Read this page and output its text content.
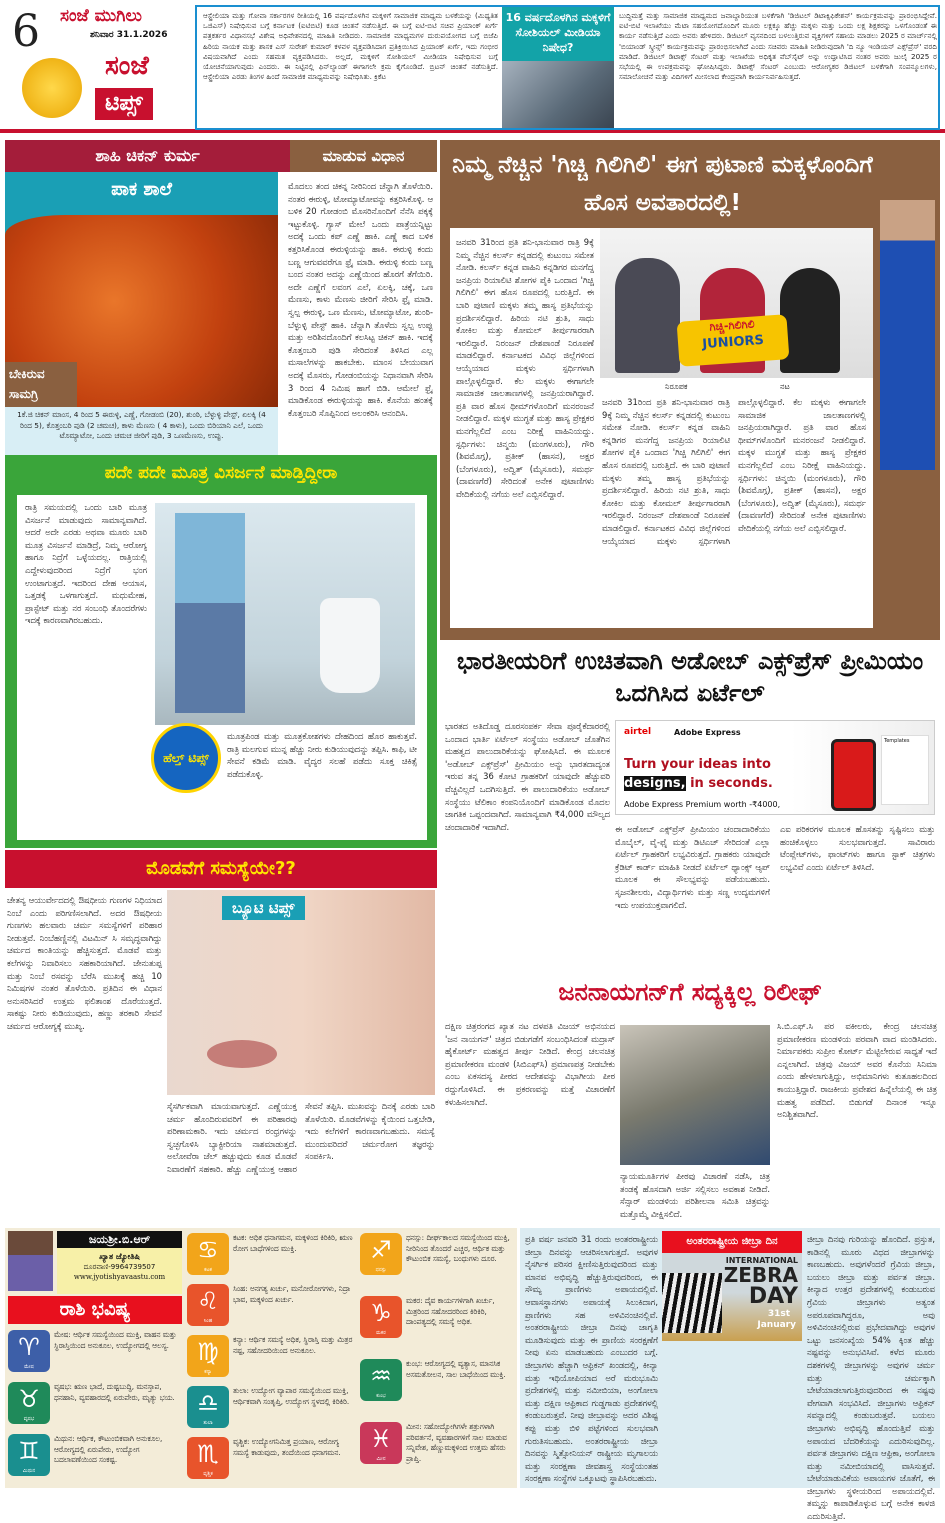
6 ಸಂಜೆ ಮುಗಿಲು
ಶನಿವಾರ 31.1.2026
ಸಂಜೆ
ಟಿಪ್ಸ್
ಆಸ್ಟ್ರೇಲಿಯಾ ಮತ್ತು ಗೋವಾ ಸರ್ಕಾರಗಳ ರೀತಿಯಲ್ಲಿ 16 ವರ್ಷದೊಳಗಿನ ಮಕ್ಕಳಿಗೆ ಸಾಮಾಜಿಕ ಮಾಧ್ಯಮ ಬಳಕೆಯನ್ನು (ಮಿಥ್ಯತಿತ ಒಜಿಎಸ್) ನಿಷೇಧಿಸುವ ಬಗ್ಗೆ ಕರ್ನಾಟಕ (ಐಟಿಬಿಟಿ) ಕೂಡ ಚಿಂತನೆ ನಡೆಸುತ್ತಿದೆ. ಈ ಬಗ್ಗೆ ಐಟಿ-ಬಿಟಿ ಸಚಿವ ಪ್ರಿಯಾಂಕ್ ಖರ್ಗೆ ಪತ್ರಕರ್ತರ ವಿಧಾನಸಭೆ ವಿಶೇಷ ಅಧಿವೇಶನದಲ್ಲಿ ಮಾಹಿತಿ ನೀಡಿದರು. ಸಾಮಾಜಿಕ ಮಾಧ್ಯಮಗಳ ದುರುಪಯೋಗದ ಬಗ್ಗೆ ಬಿಜೆಪಿ ಹಿರಿಯ ನಾಯಕ ಮತ್ತು ಶಾಸಕ ಎಸ್ ಸುರೇಶ್ ಕುಮಾರ್ ಕಳವಳ ವ್ಯಕ್ತಪಡಿಸಿದಾಗ ಪ್ರತಿಕ್ರಿಯಿಸಿದ ಪ್ರಿಯಾಂಕ್ ಖರ್ಗೆ, ಇದು ಗಂಭೀರ ವಿಷಯವಾಗಿದೆ ಎಂದು ಸಹಮತ ವ್ಯಕ್ತಪಡಿಸಿದರು. ಅಲ್ಲದೆ, ಮಕ್ಕಳಿಗೆ ಸೋಶಿಯಲ್ ಮೀಡಿಯಾ ನಿಷೇಧಿಸುವ ಬಗ್ಗೆ ಯೋಚನೆಯಾಗುವುದು ಎಂದರು. ಈ ನಿಟ್ಟಿನಲ್ಲಿ ಫಿನ್‌ಲ್ಯಾಂಡ್ ಈಗಾಗಲೇ ಕ್ರಮ ಕೈಗೊಂಡಿದೆ. ಬ್ರಿಟನ್ ಚಿಂತನೆ ನಡೆಸುತ್ತಿದೆ. ಆಸ್ಟ್ರೇಲಿಯಾ ಎರಡು ತಿಂಗಳ ಹಿಂದೆ ಸಾಮಾಜಿಕ ಮಾಧ್ಯಮವನ್ನು ನಿಷೇಧಿಸಿತು. ಕ್ರಿಕೆಟ
16 ವರ್ಷದೊಳಗಿನ ಮಕ್ಕಳಿಗೆ ಸೋಶಿಯಲ್ ಮೀಡಿಯಾ ನಿಷೇಧ?
ಬುದ್ಧಿಮತ್ತೆ ಮತ್ತು ಸಾಮಾಜಿಕ ಮಾಧ್ಯಮದ ಜವಾಬ್ದಾರಿಯುತ ಬಳಕೆಗಾಗಿ 'ಡಿಜಿಟಲ್ ಡಿಟಾಕ್ಸಿಫಿಕೇಶನ್' ಕಾರ್ಯಕ್ರಮವನ್ನು ಪ್ರಾರಂಭಿಸಿದ್ದೇವೆ. ಐಟಿ-ಬಿಟಿ ಇಲಾಖೆಯು ಮೆಟಾ ಸಹಯೋಗದೊಂದಿಗೆ ಮೂರು ಲಕ್ಷಕ್ಕೂ ಹೆಚ್ಚು ಮಕ್ಕಳು ಮತ್ತು ಒಂದು ಲಕ್ಷ ಶಿಕ್ಷಕರನ್ನು ಒಳಗೊಂಡಂತೆ ಈ ಕಾರ್ಯ ನಡೆಸುತ್ತಿದೆ ಎಂದು ಅವರು ಹೇಳಿದರು. ಡಿಜಿಟಲ್ ವ್ಯಸನದಿಂದ ಬಳಲುತ್ತಿರುವ ವ್ಯಕ್ತಿಗಳಿಗೆ ಸಹಾಯ ಮಾಡಲು 2025 ರ ಮಾರ್ಚ್‌ನಲ್ಲಿ 'ಬಿಯಾಂಡ್ ಸ್ಕ್ರೀನ್ಸ್' ಕಾರ್ಯಕ್ರಮವನ್ನು ಪ್ರಾರಂಭಿಸಲಾಗಿದೆ ಎಂದು ಸಚಿವರು ಮಾಹಿತಿ ನೀಡಿರುವುದಾಗಿ 'ದಿ ನ್ಯೂ ಇಂಡಿಯನ್ ಎಕ್ಸ್‌ಪ್ರೆಸ್' ವರದಿ ಮಾಡಿದೆ. ಡಿಜಿಟಲ್ ಡಿಟಾಕ್ಸ್ ಸೆಂಟರ್ ಮತ್ತು ಇಲಾಖೆಯ ಅಧಿಕೃತ ವೆಬ್‌ಸೈಟ್ ಅನ್ನು ಉದ್ಘಾಟಿಸಿದ ನಂತರ ಅವರು ಜುಲೈ 2025 ರ ಸಭೆಯಲ್ಲಿ ಈ ಉಪಕ್ರಮವನ್ನು ಘೋಷಿಸಿದ್ದರು. ಡಿಟಾಕ್ಸ್ ಸೆಂಟರ್ ಎಂಬುದು ಆರೋಗ್ಯಕರ ಡಿಜಿಟಲ್ ಬಳಕೆಗಾಗಿ ಸಂಪನ್ಮೂಲಗಳು, ಸಮಾಲೋಚನೆ ಮತ್ತು ವಿದಿಗಳಿಗೆ ಮೀಸಲಾದ ಕೇಂದ್ರವಾಗಿ ಕಾರ್ಯನಿರ್ವಹಿಸುತ್ತದೆ.
ಶಾಹಿ ಚಿಕನ್ ಕುರ್ಮ	ಮಾಡುವ ವಿಧಾನ
ಪಾಕ ಶಾಲೆ
ಬೇಕಿರುವ ಸಾಮಗ್ರಿ
1ಕೆ.ಜಿ ಚಿಕನ್ ಮಾಂಸ, 4 ರಿಂದ 5 ಈರುಳ್ಳಿ, ಎಣ್ಣೆ, ಗೋಡಂಬಿ (20), ಶುಂಠಿ, ಬೆಳ್ಳುಳ್ಳಿ ಪೇಸ್ಟ್, ಏಲಕ್ಕಿ (4 ರಿಂದ 5), ಕೊತ್ತಂಬರಿ ಪುಡಿ (2 ಚಮಚ), ಕಾಳು ಮೆಣಸು ( 4 ಕಾಳು), ಒಂದು ಬಿರಿಯಾನಿ ಎಲೆ, ಒಂದು ಟೊಮ್ಯಾಟೋ, ಒಂದು ಚಮಚ ಜೀರಿಗೆ ಪುಡಿ, 3 ಒಣಮೆಣಸು, ಉಪ್ಪು.
ಮೊದಲು ತಂದ ಚಿಕನ್ನ ನೀರಿನಿಂದ ಚೆನ್ನಾಗಿ ತೊಳೆಯಿರಿ. ನಂತರ ಈರುಳ್ಳಿ, ಟೋಮ್ಯಾಟೋವನ್ನು ಕತ್ತರಿಸಿಕೊಳ್ಳಿ. ಆ ಬಳಿಕ 20 ಗೋಡಂಬಿ ಮೊಸರಿನೊಂದಿಗೆ ನೆನೆಸಿ ಪಕ್ಕಕ್ಕೆ ಇಟ್ಟುಕೊಳ್ಳಿ. ಗ್ಯಾಸ್ ಮೇಲೆ ಒಂದು ಪಾತ್ರೆಯನ್ನಿಟ್ಟು ಅದಕ್ಕೆ ಒಂದು ಕಪ್ ಎಣ್ಣೆ ಹಾಕಿ. ಎಣ್ಣೆ ಕಾದ ಬಳಿಕ ಕತ್ತರಿಸಿಕೊಂಡ ಈರುಳ್ಳಿಯನ್ನು ಹಾಕಿ. ಈರುಳ್ಳಿ ಕಂದು ಬಣ್ಣ ಆಗುವವರೆಗೂ ಫ್ರೈ ಮಾಡಿ. ಈರುಳ್ಳಿ ಕಂದು ಬಣ್ಣ ಬಂದ ನಂತರ ಅದನ್ನು ಎಣ್ಣೆಯಿಂದ ಹೊರಗೆ ತೆಗೆಯಿರಿ. ಅದೇ ಎಣ್ಣೆಗೆ ಲವಂಗ ಎಲೆ, ಏಲಕ್ಕಿ, ಚಕ್ಕೆ, ಒಣ ಮೆಣಸು, ಕಾಳು ಮೆಣಸು ಜೀರಿಗೆ ಸೇರಿಸಿ ಫ್ರೈ ಮಾಡಿ. ಸ್ವಲ್ಪ ಈರುಳ್ಳಿ, ಒಣ ಮೆಣಸು, ಟೋಮ್ಯಾಟೋ, ಶುಂಠಿ-ಬೆಳ್ಳುಳ್ಳಿ ಪೇಸ್ಟ್ ಹಾಕಿ. ಚೆನ್ನಾಗಿ ತೊಳೆದು ಸ್ವಲ್ಪ ಉಪ್ಪು ಮತ್ತು ಅರಿಶಿನದೊಂದಿಗೆ ಕಲಸಿಟ್ಟ ಚಿಕನ್ ಹಾಕಿ. ಇದಕ್ಕೆ ಕೊತ್ತಂಬರಿ ಪುಡಿ ಸೇರಿದಂತೆ ತಿಳಿಸಿದ ಎಲ್ಲ ಮಸಾಲೆಗಳನ್ನು ಹಾಕಬೇಕು. ಮಾಂಸ ಬೇಯುವಾಗ ಅದಕ್ಕೆ ಮೊಸರು, ಗೋಡಂಬಿಯನ್ನು ನಿಧಾನವಾಗಿ ಸೇರಿಸಿ 3 ರಿಂದ 4 ನಿಮಿಷ ಹಾಗೆ ಬಿಡಿ. ಆಮೇಲೆ ಫ್ರೈ ಮಾಡಿಕೊಂಡ ಈರುಳ್ಳಿಯನ್ನು ಹಾಕಿ. ಕೊನೆಯ ಹಂತಕ್ಕೆ ಕೊತ್ತಂಬರಿ ಸೊಪ್ಪಿನಿಂದ ಅಲಂಕರಿಸಿ ಆನಂದಿಸಿ.
ಪದೇ ಪದೇ ಮೂತ್ರ ವಿಸರ್ಜನೆ ಮಾಡ್ತಿದ್ದೀರಾ
ರಾತ್ರಿ ಸಮಯದಲ್ಲಿ ಒಂದು ಬಾರಿ ಮೂತ್ರ ವಿಸರ್ಜನೆ ಮಾಡುವುದು ಸಾಮಾನ್ಯವಾಗಿದೆ. ಆದರೆ ಅದೇ ಎರಡು ಅಥವಾ ಮೂರು ಬಾರಿ ಮೂತ್ರ ವಿಸರ್ಜನೆ ಮಾಡಿದ್ರೆ, ನಿಮ್ಮ ಆರೋಗ್ಯ ಹಾಗೂ ನಿದ್ರೆಗೆ ಒಳ್ಳೆಯದಲ್ಲ. ರಾತ್ರಿಯಲ್ಲಿ ಎದ್ದೇಳುವುದರಿಂದ ನಿದ್ರೆಗೆ ಭಂಗ ಉಂಟಾಗುತ್ತದೆ. ಇದರಿಂದ ದೇಹ ಆಯಾಸ, ಒತ್ತಡಕ್ಕೆ ಒಳಗಾಗುತ್ತದೆ. ಮಧುಮೇಹ, ಪ್ರಾಸ್ಟೇಟ್ ಮತ್ತು ನರ ಸಂಬಂಧಿ ತೊಂದರೆಗಳು ಇದಕ್ಕೆ ಕಾರಣವಾಗಿರಬಹುದು.
ಹೆಲ್ತ್ ಟಿಪ್ಸ್
ಮೂತ್ರಪಿಂಡ ಮತ್ತು ಮೂತ್ರಕೋಶಗಳು ದೇಹದಿಂದ ಹೊರ ಹಾಕುತ್ತವೆ. ರಾತ್ರಿ ಮಲಗುವ ಮುನ್ನ ಹೆಚ್ಚು ನೀರು ಕುಡಿಯುವುದನ್ನು ತಪ್ಪಿಸಿ. ಕಾಫಿ, ಟೀ ಸೇವನೆ ಕಡಿಮೆ ಮಾಡಿ. ವೈದ್ಯರ ಸಲಹೆ ಪಡೆದು ಸೂಕ್ತ ಚಿಕಿತ್ಸೆ ಪಡೆದುಕೊಳ್ಳಿ.
ನಿಮ್ಮ ನೆಚ್ಚಿನ 'ಗಿಚ್ಚಿ ಗಿಲಿಗಿಲಿ' ಈಗ ಪುಟಾಣಿ ಮಕ್ಕಳೊಂದಿಗೆ ಹೊಸ ಅವತಾರದಲ್ಲಿ!
ಜನವರಿ 31ರಿಂದ ಪ್ರತಿ ಶನಿ-ಭಾನುವಾರ ರಾತ್ರಿ 9ಕ್ಕೆ ನಿಮ್ಮ ನೆಚ್ಚಿನ ಕಲರ್ಸ್ ಕನ್ನಡದಲ್ಲಿ ಕುಟುಂಬ ಸಮೇತ ನೋಡಿ. ಕಲರ್ಸ್ ಕನ್ನಡ ವಾಹಿನಿ ಕನ್ನಡಿಗರ ಮನಗೆದ್ದ ಜನಪ್ರಿಯ ರಿಯಾಲಿಟಿ ಶೋಗಳ ಪೈಕಿ ಒಂದಾದ 'ಗಿಚ್ಚಿ ಗಿಲಿಗಿಲಿ' ಈಗ ಹೊಸ ರೂಪದಲ್ಲಿ ಬರುತ್ತಿದೆ. ಈ ಬಾರಿ ಪುಟಾಣಿ ಮಕ್ಕಳು ತಮ್ಮ ಹಾಸ್ಯ ಪ್ರತಿಭೆಯನ್ನು ಪ್ರದರ್ಶಿಸಲಿದ್ದಾರೆ. ಹಿರಿಯ ನಟಿ ಶ್ರುತಿ, ಸಾಧು ಕೋಕಿಲ ಮತ್ತು ಕೋಮಲ್ ತೀರ್ಪುಗಾರರಾಗಿ ಇರಲಿದ್ದಾರೆ. ನಿರಂಜನ್ ದೇಶಪಾಂಡೆ ನಿರೂಪಣೆ ಮಾಡಲಿದ್ದಾರೆ. ಕರ್ನಾಟಕದ ವಿವಿಧ ಜಿಲ್ಲೆಗಳಿಂದ ಆಯ್ಕೆಯಾದ ಮಕ್ಕಳು ಸ್ಪರ್ಧಿಗಳಾಗಿ ಪಾಲ್ಗೊಳ್ಳಲಿದ್ದಾರೆ. ಕೆಲ ಮಕ್ಕಳು ಈಗಾಗಲೇ ಸಾಮಾಜಿಕ ಜಾಲತಾಣಗಳಲ್ಲಿ ಜನಪ್ರಿಯರಾಗಿದ್ದಾರೆ. ಪ್ರತಿ ವಾರ ಹೊಸ ಥೀಮ್‌ಗಳೊಂದಿಗೆ ಮನರಂಜನೆ ನೀಡಲಿದ್ದಾರೆ. ಮಕ್ಕಳ ಮುಗ್ಧತೆ ಮತ್ತು ಹಾಸ್ಯ ಪ್ರೇಕ್ಷಕರ ಮನಗೆಲ್ಲಲಿದೆ ಎಂಬ ನಿರೀಕ್ಷೆ ವಾಹಿನಿಯದ್ದು. ಸ್ಪರ್ಧಿಗಳು: ಚಿನ್ಮಯಿ (ಮಂಗಳೂರು), ಗೌರಿ (ಶಿವಮೊಗ್ಗ), ಪ್ರತೀಕ್ (ಹಾಸನ), ಅಕ್ಷರ (ಬೆಂಗಳೂರು), ಅದ್ವಿತ್ (ಮೈಸೂರು), ಸಮರ್ಥ (ದಾವಣಗೆರೆ) ಸೇರಿದಂತೆ ಅನೇಕ ಪುಟಾಣಿಗಳು ವೇದಿಕೆಯಲ್ಲಿ ನಗೆಯ ಅಲೆ ಎಬ್ಬಿಸಲಿದ್ದಾರೆ.
ಗಿಚ್ಚಿ-ಗಿಲಿಗಿಲಿ
JUNIORS
ನಿರೂಪಕ	ನಟ
ಜನವರಿ 31ರಿಂದ ಪ್ರತಿ ಶನಿ-ಭಾನುವಾರ ರಾತ್ರಿ 9ಕ್ಕೆ ನಿಮ್ಮ ನೆಚ್ಚಿನ ಕಲರ್ಸ್ ಕನ್ನಡದಲ್ಲಿ ಕುಟುಂಬ ಸಮೇತ ನೋಡಿ. ಕಲರ್ಸ್ ಕನ್ನಡ ವಾಹಿನಿ ಕನ್ನಡಿಗರ ಮನಗೆದ್ದ ಜನಪ್ರಿಯ ರಿಯಾಲಿಟಿ ಶೋಗಳ ಪೈಕಿ ಒಂದಾದ 'ಗಿಚ್ಚಿ ಗಿಲಿಗಿಲಿ' ಈಗ ಹೊಸ ರೂಪದಲ್ಲಿ ಬರುತ್ತಿದೆ. ಈ ಬಾರಿ ಪುಟಾಣಿ ಮಕ್ಕಳು ತಮ್ಮ ಹಾಸ್ಯ ಪ್ರತಿಭೆಯನ್ನು ಪ್ರದರ್ಶಿಸಲಿದ್ದಾರೆ. ಹಿರಿಯ ನಟಿ ಶ್ರುತಿ, ಸಾಧು ಕೋಕಿಲ ಮತ್ತು ಕೋಮಲ್ ತೀರ್ಪುಗಾರರಾಗಿ ಇರಲಿದ್ದಾರೆ. ನಿರಂಜನ್ ದೇಶಪಾಂಡೆ ನಿರೂಪಣೆ ಮಾಡಲಿದ್ದಾರೆ. ಕರ್ನಾಟಕದ ವಿವಿಧ ಜಿಲ್ಲೆಗಳಿಂದ ಆಯ್ಕೆಯಾದ ಮಕ್ಕಳು ಸ್ಪರ್ಧಿಗಳಾಗಿ ಪಾಲ್ಗೊಳ್ಳಲಿದ್ದಾರೆ. ಕೆಲ ಮಕ್ಕಳು ಈಗಾಗಲೇ ಸಾಮಾಜಿಕ ಜಾಲತಾಣಗಳಲ್ಲಿ ಜನಪ್ರಿಯರಾಗಿದ್ದಾರೆ. ಪ್ರತಿ ವಾರ ಹೊಸ ಥೀಮ್‌ಗಳೊಂದಿಗೆ ಮನರಂಜನೆ ನೀಡಲಿದ್ದಾರೆ. ಮಕ್ಕಳ ಮುಗ್ಧತೆ ಮತ್ತು ಹಾಸ್ಯ ಪ್ರೇಕ್ಷಕರ ಮನಗೆಲ್ಲಲಿದೆ ಎಂಬ ನಿರೀಕ್ಷೆ ವಾಹಿನಿಯದ್ದು. ಸ್ಪರ್ಧಿಗಳು: ಚಿನ್ಮಯಿ (ಮಂಗಳೂರು), ಗೌರಿ (ಶಿವಮೊಗ್ಗ), ಪ್ರತೀಕ್ (ಹಾಸನ), ಅಕ್ಷರ (ಬೆಂಗಳೂರು), ಅದ್ವಿತ್ (ಮೈಸೂರು), ಸಮರ್ಥ (ದಾವಣಗೆರೆ) ಸೇರಿದಂತೆ ಅನೇಕ ಪುಟಾಣಿಗಳು ವೇದಿಕೆಯಲ್ಲಿ ನಗೆಯ ಅಲೆ ಎಬ್ಬಿಸಲಿದ್ದಾರೆ.
ಭಾರತೀಯರಿಗೆ ಉಚಿತವಾಗಿ ಅಡೋಬ್ ಎಕ್ಸ್‌ಪ್ರೆಸ್ ಪ್ರೀಮಿಯಂ ಒದಗಿಸಿದ ಏರ್ಟೆಲ್
ಭಾರತದ ಅತಿದೊಡ್ಡ ದೂರಸಂಪರ್ಕ ಸೇವಾ ಪೂರೈಕೆದಾರರಲ್ಲಿ ಒಂದಾದ ಭಾರ್ತಿ ಏರ್ಟೆಲ್ ಸಂಸ್ಥೆಯು ಅಡೋಬ್ ಜೊತೆಗಿನ ಮಹತ್ವದ ಪಾಲುದಾರಿಕೆಯನ್ನು ಘೋಷಿಸಿದೆ. ಈ ಮೂಲಕ 'ಅಡೋಬ್ ಎಕ್ಸ್‌ಪ್ರೆಸ್' ಪ್ರೀಮಿಯಂ ಅನ್ನು ಭಾರತದಾದ್ಯಂತ ಇರುವ ತನ್ನ 36 ಕೋಟಿ ಗ್ರಾಹಕರಿಗೆ ಯಾವುದೇ ಹೆಚ್ಚುವರಿ ವೆಚ್ಚವಿಲ್ಲದೆ ಒದಗಿಸುತ್ತಿದೆ. ಈ ಪಾಲುದಾರಿಕೆಯು ಅಡೋಬ್ ಸಂಸ್ಥೆಯು ಟೆಲಿಕಾಂ ಕಂಪನಿಯೊಂದಿಗೆ ಮಾಡಿಕೊಂಡ ಮೊದಲ ಜಾಗತಿಕ ಒಪ್ಪಂದವಾಗಿದೆ. ಸಾಮಾನ್ಯವಾಗಿ ₹4,000 ಮೌಲ್ಯದ ಚಂದಾದಾರಿಕೆ ಇದಾಗಿದೆ.
airtel	Adobe Express
Turn your ideas into
designs, in seconds.
Adobe Express Premium worth -₹4000,
Templates
ಈ ಅಡೋಬ್ ಎಕ್ಸ್‌ಪ್ರೆಸ್ ಪ್ರೀಮಿಯಂ ಚಂದಾದಾರಿಕೆಯು ಮೊಬೈಲ್, ವೈ-ಫೈ ಮತ್ತು ಡಿಟಿಎಚ್ ಸೇರಿದಂತೆ ಎಲ್ಲಾ ಏರ್ಟೆಲ್ ಗ್ರಾಹಕರಿಗೆ ಲಭ್ಯವಿರುತ್ತದೆ. ಗ್ರಾಹಕರು ಯಾವುದೇ ಕ್ರೆಡಿಟ್ ಕಾರ್ಡ್ ಮಾಹಿತಿ ನೀಡದೆ ಏರ್ಟೆಲ್ ಥ್ಯಾಂಕ್ಸ್ ಆ್ಯಪ್ ಮೂಲಕ ಈ ಸೌಲಭ್ಯವನ್ನು ಪಡೆಯಬಹುದು. ಸೃಜನಶೀಲರು, ವಿದ್ಯಾರ್ಥಿಗಳು ಮತ್ತು ಸಣ್ಣ ಉದ್ಯಮಗಳಿಗೆ ಇದು ಉಪಯುಕ್ತವಾಗಲಿದೆ.
ಎಐ ಪರಿಕರಗಳ ಮೂಲಕ ಹೊಸತನ್ನು ಸೃಷ್ಟಿಸಲು ಮತ್ತು ಹಂಚಿಕೊಳ್ಳಲು ಸುಲಭವಾಗುತ್ತದೆ. ಸಾವಿರಾರು ಟೆಂಪ್ಲೇಟ್‌ಗಳು, ಫಾಂಟ್‌ಗಳು ಹಾಗೂ ಸ್ಟಾಕ್ ಚಿತ್ರಗಳು ಲಭ್ಯವಿವೆ ಎಂದು ಏರ್ಟೆಲ್ ತಿಳಿಸಿದೆ.
ಮೊಡವೆಗೆ ಸಮಸ್ಯೆಯೇ??
ಚೇತನ್ಯ ಆಯುರ್ವೇದದಲ್ಲಿ ಔಷಧೀಯ ಗುಣಗಳ ನಿಧಿಯಾದ ನಿಂಬೆ ಎಂದು ಪರಿಗಣಿಸಲಾಗಿದೆ. ಅದರ ಔಷಧೀಯ ಗುಣಗಳು ಹಲವಾರು ಚರ್ಮ ಸಮಸ್ಯೆಗಳಿಗೆ ಪರಿಹಾರ ನೀಡುತ್ತವೆ. ನಿಂಬೆಹಣ್ಣಿನಲ್ಲಿ ವಿಟಮಿನ್ ಸಿ ಸಮೃದ್ಧವಾಗಿದ್ದು ಚರ್ಮದ ಕಾಂತಿಯನ್ನು ಹೆಚ್ಚಿಸುತ್ತದೆ. ಮೊಡವೆ ಮತ್ತು ಕಲೆಗಳನ್ನು ನಿವಾರಿಸಲು ಸಹಕಾರಿಯಾಗಿದೆ. ಜೇನುತುಪ್ಪ ಮತ್ತು ನಿಂಬೆ ರಸವನ್ನು ಬೆರೆಸಿ ಮುಖಕ್ಕೆ ಹಚ್ಚಿ 10 ನಿಮಿಷಗಳ ನಂತರ ತೊಳೆಯಿರಿ. ಪ್ರತಿದಿನ ಈ ವಿಧಾನ ಅನುಸರಿಸಿದರೆ ಉತ್ತಮ ಫಲಿತಾಂಶ ದೊರೆಯುತ್ತದೆ. ಸಾಕಷ್ಟು ನೀರು ಕುಡಿಯುವುದು, ಹಣ್ಣು ತರಕಾರಿ ಸೇವನೆ ಚರ್ಮದ ಆರೋಗ್ಯಕ್ಕೆ ಮುಖ್ಯ.
ಬ್ಯೂಟಿ ಟಿಪ್ಸ್
ಸೈಸರ್ಗಿಕವಾಗಿ ಮಾಯವಾಗುತ್ತದೆ. ಎಣ್ಣೆಯುಕ್ತ ಚರ್ಮ ಹೊಂದಿರುವವರಿಗೆ ಈ ಪರಿಹಾರವು ಪರಿಣಾಮಕಾರಿ. ಇದು ಚರ್ಮದ ರಂಧ್ರಗಳನ್ನು ಸ್ವಚ್ಛಗೊಳಿಸಿ ಬ್ಯಾಕ್ಟೀರಿಯಾ ನಾಶಮಾಡುತ್ತದೆ. ಅಲೋವೆರಾ ಜೆಲ್ ಹಚ್ಚುವುದು ಕೂಡ ಮೊಡವೆ ನಿವಾರಣೆಗೆ ಸಹಕಾರಿ. ಹೆಚ್ಚು ಎಣ್ಣೆಯುಕ್ತ ಆಹಾರ ಸೇವನೆ ತಪ್ಪಿಸಿ. ಮುಖವನ್ನು ದಿನಕ್ಕೆ ಎರಡು ಬಾರಿ ತೊಳೆಯಿರಿ. ಮೊಡವೆಗಳನ್ನು ಕೈಯಿಂದ ಒತ್ತಬೇಡಿ, ಇದು ಕಲೆಗಳಿಗೆ ಕಾರಣವಾಗಬಹುದು. ಸಮಸ್ಯೆ ಮುಂದುವರಿದರೆ ಚರ್ಮರೋಗ ತಜ್ಞರನ್ನು ಸಂಪರ್ಕಿಸಿ.
ಜನನಾಯಗನ್‌ಗೆ ಸದ್ಯಕ್ಕಿಲ್ಲ ರಿಲೀಫ್
ದಕ್ಷಿಣ ಚಿತ್ರರಂಗದ ಖ್ಯಾತ ನಟ ದಳಪತಿ ವಿಜಯ್ ಅಭಿನಯದ 'ಜನ ನಾಯಗನ್' ಚಿತ್ರದ ಬಿಡುಗಡೆಗೆ ಸಂಬಂಧಿಸಿದಂತೆ ಮದ್ರಾಸ್ ಹೈಕೋರ್ಟ್ ಮಹತ್ವದ ತೀರ್ಪು ನೀಡಿದೆ. ಕೇಂದ್ರ ಚಲನಚಿತ್ರ ಪ್ರಮಾಣೀಕರಣ ಮಂಡಳಿ (ಸಿಬಿಎಫ್‌ಸಿ) ಪ್ರಮಾಣಪತ್ರ ನೀಡಬೇಕು ಎಂಬ ಏಕಸದಸ್ಯ ಪೀಠದ ಆದೇಶವನ್ನು ವಿಭಾಗೀಯ ಪೀಠ ರದ್ದುಗೊಳಿಸಿದೆ. ಈ ಪ್ರಕರಣವನ್ನು ಮತ್ತೆ ವಿಚಾರಣೆಗೆ ಕಳುಹಿಸಲಾಗಿದೆ.
ನ್ಯಾಯಮೂರ್ತಿಗಳ ಪೀಠವು ವಿಚಾರಣೆ ನಡೆಸಿ, ಚಿತ್ರ ತಂಡಕ್ಕೆ ಹೊಸದಾಗಿ ಅರ್ಜಿ ಸಲ್ಲಿಸಲು ಅವಕಾಶ ನೀಡಿದೆ. ಸೆನ್ಸಾರ್ ಮಂಡಳಿಯ ಪರಿಶೀಲನಾ ಸಮಿತಿ ಚಿತ್ರವನ್ನು ಮತ್ತೊಮ್ಮೆ ವೀಕ್ಷಿಸಲಿದೆ.
ಸಿ.ಬಿ.ಎಫ್.ಸಿ ಪರ ವಕೀಲರು, ಕೇಂದ್ರ ಚಲನಚಿತ್ರ ಪ್ರಮಾಣೀಕರಣ ಮಂಡಳಿಯ ಪರವಾಗಿ ವಾದ ಮಂಡಿಸಿದರು. ನಿರ್ಮಾಪಕರು ಸುಪ್ರೀಂ ಕೋರ್ಟ್ ಮೆಟ್ಟಿಲೇರುವ ಸಾಧ್ಯತೆ ಇದೆ ಎನ್ನಲಾಗಿದೆ. ಚಿತ್ರವು ವಿಜಯ್ ಅವರ ಕೊನೆಯ ಸಿನಿಮಾ ಎಂದು ಹೇಳಲಾಗುತ್ತಿದ್ದು, ಅಭಿಮಾನಿಗಳು ಕುತೂಹಲದಿಂದ ಕಾಯುತ್ತಿದ್ದಾರೆ. ರಾಜಕೀಯ ಪ್ರವೇಶದ ಹಿನ್ನೆಲೆಯಲ್ಲಿ ಈ ಚಿತ್ರ ಮಹತ್ವ ಪಡೆದಿದೆ. ಬಿಡುಗಡೆ ದಿನಾಂಕ ಇನ್ನೂ ಅನಿಶ್ಚಿತವಾಗಿದೆ.
ಜಯಶ್ರೀ.ಬಿ.ಆರ್
ಖ್ಯಾತ ಜ್ಯೋತಿಷಿ
ದೂರವಾಣಿ-9964739507
www.jyotishyavaastu.com
ರಾಶಿ ಭವಿಷ್ಯ
♈
ಮೇಷ
ಮೇಷ: ಆರ್ಥಿಕ ಸಮಸ್ಯೆಯಿಂದ ಮುಕ್ತಿ, ವಾಹನ ಮತ್ತು ಸ್ಥಿರಾಸ್ತಿಯಿಂದ ಅನುಕೂಲ, ಉದ್ಯೋಗದಲ್ಲಿ ಆಲಸ್ಯ.
♉
ವೃಷಭ
ವೃಷಭ: ಋಣ ಭಾದೆ, ದುಷ್ಟಬುದ್ಧಿ, ಮನಸ್ತಾಪ, ಧನಹಾನಿ, ವ್ಯವಹಾರದಲ್ಲಿ ಏರುಪೇರು, ಮೃತ್ಯು ಭಯ.
♊
ಮಿಥುನ
ಮಿಥುನ: ಆರ್ಥಿಕ, ಕೌಟುಂಬಿಕವಾಗಿ ಅನುಕೂಲ, ಆರೋಗ್ಯದಲ್ಲಿ ಏರುಪೇರು, ಉದ್ಯೋಗ ಬದಲಾವಣೆಯಿಂದ ಸಂಕಷ್ಟ.
♋
ಕಟಕ
ಕಟಕ: ಅಧಿಕ ಧನಾಗಮನ, ಮಕ್ಕಳಿಂದ ಕಿರಿಕಿರಿ, ಋಣ ರೋಗ ಬಾಧೆಗಳಿಂದ ಮುಕ್ತಿ.
♌
ಸಿಂಹ
ಸಿಂಹ: ಅನಗತ್ಯ ಖರ್ಚು, ಮನೋರೋಗಗಳು, ನಿದ್ರಾ ಭಾವ, ಮಕ್ಕಳಿಂದ ಖರ್ಚು.
♍
ಕನ್ಯಾ
ಕನ್ಯಾ: ಆರ್ಥಿಕ ಸಮಸ್ಯೆ ಅಧಿಕ, ಸ್ಥಿರಾಸ್ತಿ ಮತ್ತು ಮಿತ್ರರ ನಷ್ಟ, ಸಹೋದರಿಯಿಂದ ಅನುಕೂಲ.
♎
ತುಲಾ
ತುಲಾ: ಉದ್ಯೋಗ ವ್ಯಾಪಾರ ಸಮಸ್ಯೆಯಿಂದ ಮುಕ್ತಿ, ಆರ್ಥಿಕವಾಗಿ ಸಂತೃಪ್ತಿ, ಉದ್ಯೋಗ ಸ್ಥಳದಲ್ಲಿ ಕಿರಿಕಿರಿ.
♏
ವೃಶ್ಚಿಕ
ವೃಶ್ಚಿಕ: ಉದ್ಯೋಗನಿಮಿತ್ತ ಪ್ರಯಾಣ, ಆರೋಗ್ಯ ಸಮಸ್ಯೆ ಕಾಡುವುದು, ತಂದೆಯಿಂದ ಧನಾಗಮನ.
♐
ಧನಸ್ಸು
ಧನಸ್ಸು: ದೀರ್ಘಕಾಲದ ಸಮಸ್ಯೆಯಿಂದ ಮುಕ್ತಿ, ನೀರಿನಿಂದ ತೊಂದರೆ ಎಚ್ಚರ, ಆರ್ಥಿಕ ಮತ್ತು ಕೌಟುಂಬಿಕ ಸಮಸ್ಯೆ, ಬಂಧುಗಳು ದೂರ.
♑
ಮಕರ
ಮಕರ: ದೈವ ಕಾರ್ಯಗಳಿಗಾಗಿ ಖರ್ಚು, ಮಿತ್ರರಿಂದ ಸಹೋದರರಿಂದ ಕಿರಿಕಿರಿ, ದಾಂಪತ್ಯದಲ್ಲಿ ಸಮಸ್ಯೆ ಅಧಿಕ.
♒
ಕುಂಭ
ಕುಂಭ: ಆರೋಗ್ಯದಲ್ಲಿ ವ್ಯತ್ಯಾಸ, ಮಾನಸಿಕ ಅಸಮತೋಲನ, ಸಾಲ ಬಾಧೆಯಿಂದ ಮುಕ್ತಿ.
♓
ಮೀನ
ಮೀನ: ಸಹೋದ್ಯೋಗಿಗಳೇ ಶತ್ರುಗಳಾಗಿ ಪರಿವರ್ತನೆ, ವ್ಯವಹಾರಗಳಿಗೆ ಸಾಲ ಮಾಡುವ ಸನ್ನಿವೇಶ, ಹೆಣ್ಣುಮಕ್ಕಳಿಂದ ಉತ್ತಮ ಹೆಸರು ಪ್ರಾಪ್ತಿ.
ಪ್ರತಿ ವರ್ಷ ಜನವರಿ 31 ರಂದು ಅಂತರರಾಷ್ಟ್ರೀಯ ಜೀಬ್ರಾ ದಿನವನ್ನು ಆಚರಿಸಲಾಗುತ್ತದೆ. ಅವುಗಳ ನೈಸರ್ಗಿಕ ಪರಿಸರ ಕ್ಷೀಣಿಸುತ್ತಿರುವುದರಿಂದ ಮತ್ತು ಮಾನವ ಅಭಿವೃದ್ಧಿ ಹೆಚ್ಚುತ್ತಿರುವುದರಿಂದ, ಈ ಸೌಮ್ಯ ಪ್ರಾಣಿಗಳು ಅಪಾಯದಲ್ಲಿವೆ. ಆವಾಸಸ್ಥಾನಗಳು ಅಪಾಯಕ್ಕೆ ಸಿಲುಕಿದಾಗ, ಪ್ರಾಣಿಗಳು ಸಹ ಅಳಿವಿನಂಚಿನಲ್ಲಿವೆ. ಅಂತರರಾಷ್ಟ್ರೀಯ ಜೀಬ್ರಾ ದಿನವು ಜಾಗೃತಿ ಮೂಡಿಸುವುದು ಮತ್ತು ಈ ಪ್ರಾಣಿಯ ಸಂರಕ್ಷಣೆಗೆ ನೀವು ಏನು ಮಾಡಬಹುದು ಎಂಬುದರ ಬಗ್ಗೆ. ಜೀಬ್ರಾಗಳು ಹೆಚ್ಚಾಗಿ ಆಫ್ರಿಕನ್ ಖಂಡದಲ್ಲಿ, ಕೀನ್ಯಾ ಮತ್ತು ಇಥಿಯೋಪಿಯಾದ ಅರೆ ಮರುಭೂಮಿ ಪ್ರದೇಶಗಳಲ್ಲಿ ಮತ್ತು ನಮೀಬಿಯಾ, ಅಂಗೋಲಾ ಮತ್ತು ದಕ್ಷಿಣ ಆಫ್ರಿಕಾದ ಗುಡ್ಡಗಾಡು ಪ್ರದೇಶಗಳಲ್ಲಿ ಕಂಡುಬರುತ್ತವೆ. ನೀವು ಜೀಬ್ರಾವನ್ನು ಅದರ ವಿಶಿಷ್ಟ ಕಪ್ಪು ಮತ್ತು ಬಿಳಿ ಪಟ್ಟೆಗಳಿಂದ ಸುಲಭವಾಗಿ ಗುರುತಿಸಬಹುದು. ಅಂತರರಾಷ್ಟ್ರೀಯ ಜೀಬ್ರಾ ದಿನವನ್ನು ಸ್ಮಿತ್ಸೋನಿಯನ್ ರಾಷ್ಟ್ರೀಯ ಮೃಗಾಲಯ ಮತ್ತು ಸಂರಕ್ಷಣಾ ಜೀವಶಾಸ್ತ್ರ ಸಂಸ್ಥೆಯಂತಹ ಸಂರಕ್ಷಣಾ ಸಂಸ್ಥೆಗಳ ಒಕ್ಕೂಟವು ಸ್ಥಾಪಿಸಿರಬಹುದು.
ಅಂತರರಾಷ್ಟ್ರೀಯ ಜೀಬ್ರಾ ದಿನ
INTERNATIONAL
ZEBRA
DAY
31st
January
ಜೀಬ್ರಾ ದಿನವು ಗುರಿಯನ್ನು ಹೊಂದಿದೆ. ಪ್ರಸ್ತುತ, ಕಾಡಿನಲ್ಲಿ ಮೂರು ವಿಧದ ಜೀಬ್ರಾಗಳನ್ನು ಕಾಣಬಹುದು. ಅವುಗಳೆಂದರೆ ಗ್ರೆವಿಯ ಜೀಬ್ರಾ, ಬಯಲು ಜೀಬ್ರಾ ಮತ್ತು ಪರ್ವತ ಜೀಬ್ರಾ. ಕೀನ್ಯಾದ ಉತ್ತರ ಪ್ರದೇಶಗಳಲ್ಲಿ ಕಂಡುಬರುವ ಗ್ರೆವಿಯ ಜೀಬ್ರಾಗಳು ಅತ್ಯಂತ ಅಪರೂಪವಾಗಿದ್ದರೂ, ಅವು ಅಳಿವಿನಂಚಿನಲ್ಲಿರುವ ಪ್ರಭೇದವಾಗಿದ್ದು ಅವುಗಳ ಒಟ್ಟು ಜನಸಂಖ್ಯೆಯ 54% ಕ್ಕಿಂತ ಹೆಚ್ಚು ನಷ್ಟವನ್ನು ಅನುಭವಿಸಿವೆ. ಕಳೆದ ಮೂರು ದಶಕಗಳಲ್ಲಿ ಜೀಬ್ರಾಗಳನ್ನು ಅವುಗಳ ಚರ್ಮ ಮತ್ತು ಚರ್ಮಕ್ಕಾಗಿ ಬೇಟೆಯಾಡಲಾಗುತ್ತಿರುವುದರಿಂದ ಈ ನಷ್ಟವು ವೇಗವಾಗಿ ಸಂಭವಿಸಿದೆ. ಜೀಬ್ರಾಗಳು ಆಫ್ರಿಕನ್ ಸವನ್ನಾದಲ್ಲಿ ಕಂಡುಬರುತ್ತವೆ. ಬಯಲು ಜೀಬ್ರಾಗಳು ಅಭಿವೃದ್ಧಿ ಹೊಂದುತ್ತಿವೆ ಮತ್ತು ಅಪಾಯದ ಬೆದರಿಕೆಯನ್ನು ಎದುರಿಸುವುದಿಲ್ಲ. ಪರ್ವತ ಜೀಬ್ರಾಗಳು ದಕ್ಷಿಣ ಆಫ್ರಿಕಾ, ಅಂಗೋಲಾ ಮತ್ತು ನಮೀಬಿಯಾದಲ್ಲಿ ವಾಸಿಸುತ್ತವೆ. ಬೇಟೆಯಾಡುವಿಕೆಯ ಅಪಾಯಗಳ ಜೊತೆಗೆ, ಈ ಜೀಬ್ರಾಗಳು ಸ್ಥಳೀಯರಿಂದ ಅಪಾಯದಲ್ಲಿವೆ. ತಮ್ಮನ್ನು ಕಾಪಾಡಿಕೊಳ್ಳುವ ಬಗ್ಗೆ ಅನೇಕ ಕಾಳಜಿ ಎದುರಿಸುತ್ತಿವೆ.
